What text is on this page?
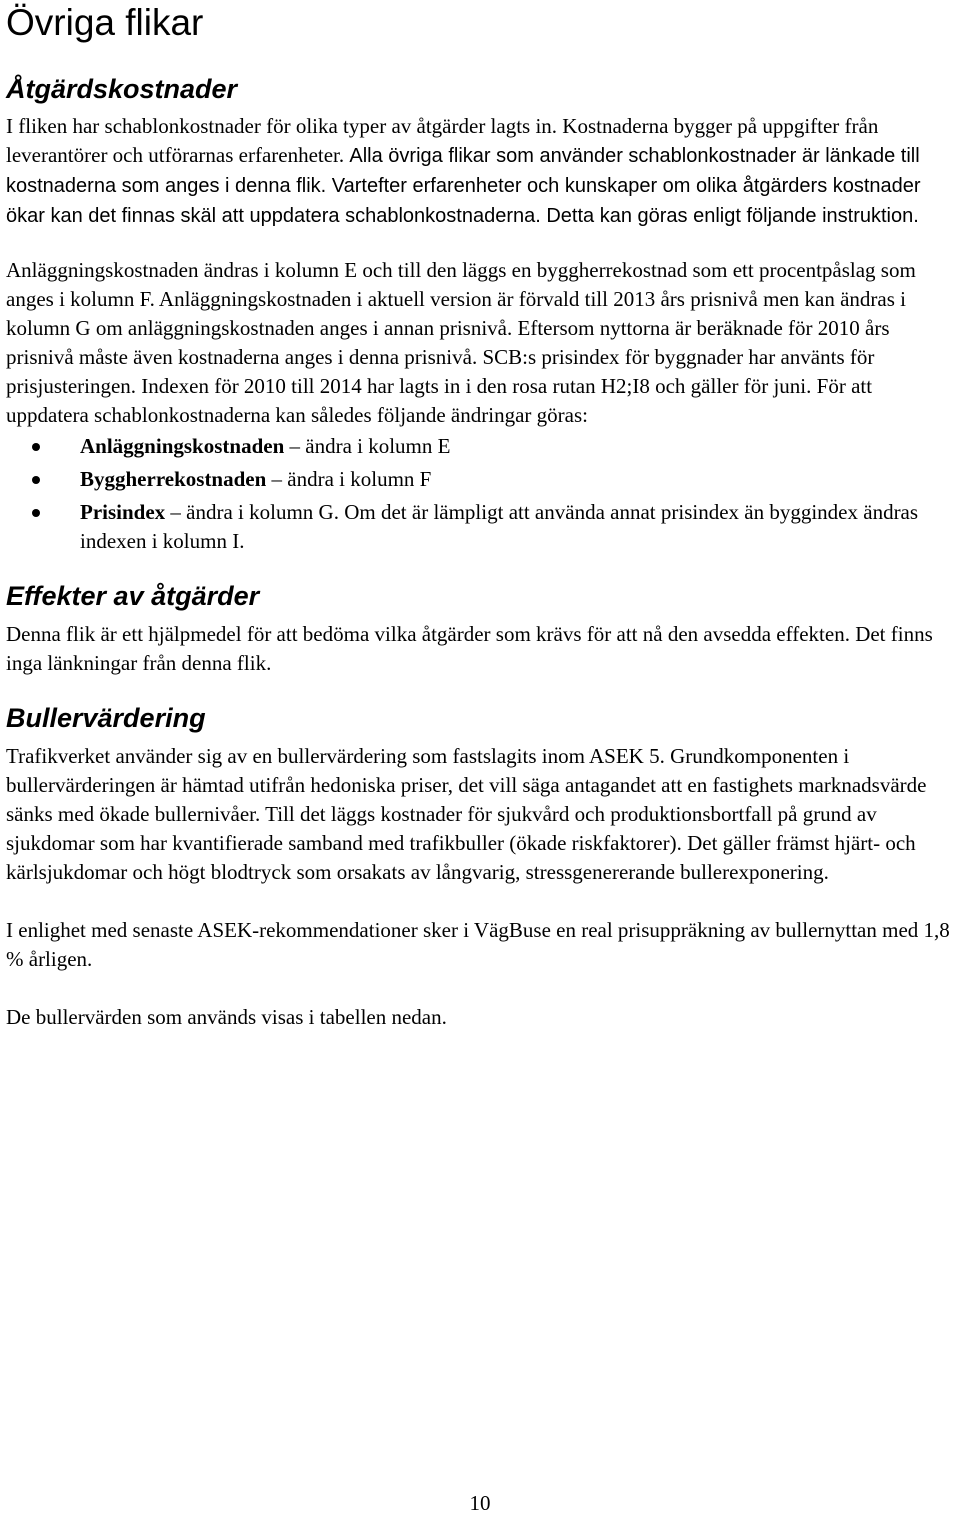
Övriga flikar
Åtgärdskostnader

I fliken har schablonkostnader för olika typer av åtgärder lagts in. Kostnaderna bygger på uppgifter från leverantörer och utförarnas erfarenheter. Alla övriga flikar som använder schablonkostnader är länkade till kostnaderna som anges i denna flik. Vartefter erfarenheter och kunskaper om olika åtgärders kostnader ökar kan det finnas skäl att uppdatera schablonkostnaderna. Detta kan göras enligt följande instruktion.

Anläggningskostnaden ändras i kolumn E och till den läggs en byggherrekostnad som ett procentpåslag som anges i kolumn F. Anläggningskostnaden i aktuell version är förvald till 2013 års prisnivå men kan ändras i kolumn G om anläggningskostnaden anges i annan prisnivå. Eftersom nyttorna är beräknade för 2010 års prisnivå måste även kostnaderna anges i denna prisnivå. SCB:s prisindex för byggnader har använts för prisjusteringen. Indexen för 2010 till 2014 har lagts in i den rosa rutan H2;I8 och gäller för juni. För att uppdatera schablonkostnaderna kan således följande ändringar göras:

Anläggningskostnaden – ändra i kolumn E
Byggherrekostnaden – ändra i kolumn F
Prisindex – ändra i kolumn G. Om det är lämpligt att använda annat prisindex än byggindex ändras indexen i kolumn I.
Effekter av åtgärder

Denna flik är ett hjälpmedel för att bedöma vilka åtgärder som krävs för att nå den avsedda effekten. Det finns inga länkningar från denna flik.

Bullervärdering

Trafikverket använder sig av en bullervärdering som fastslagits inom ASEK 5. Grundkomponenten i bullervärderingen är hämtad utifrån hedoniska priser, det vill säga antagandet att en fastighets marknadsvärde sänks med ökade bullernivåer. Till det läggs kostnader för sjukvård och produktionsbortfall på grund av sjukdomar som har kvantifierade samband med trafikbuller (ökade riskfaktorer). Det gäller främst hjärt- och kärlsjukdomar och högt blodtryck som orsakats av långvarig, stressgenererande bullerexponering.

I enlighet med senaste ASEK-rekommendationer sker i VägBuse en real prisuppräkning av bullernyttan med 1,8 % årligen.

De bullervärden som används visas i tabellen nedan.

10
